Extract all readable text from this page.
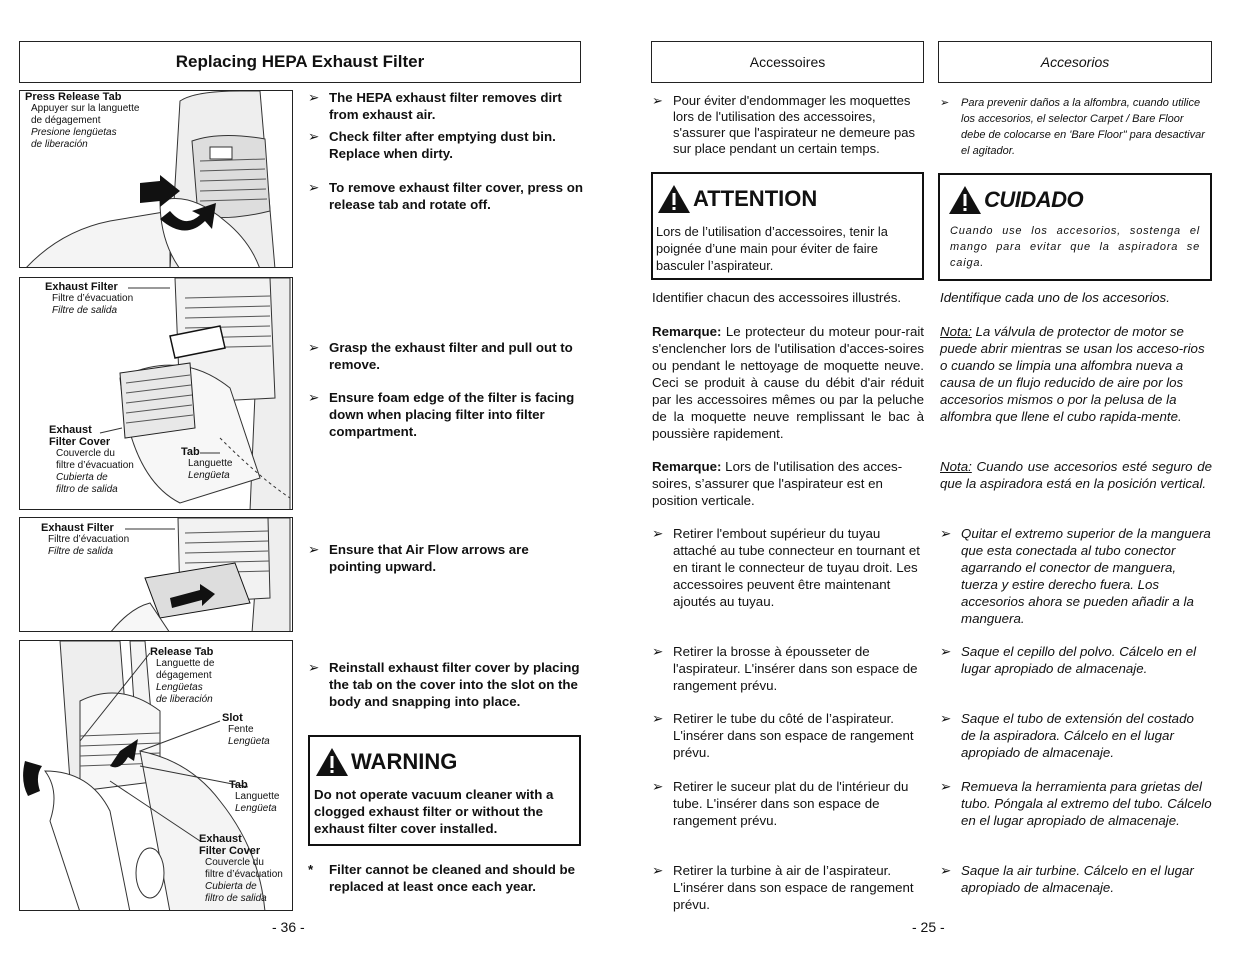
Replacing HEPA Exhaust Filter
Press Release Tab
Appuyer sur la languette
de dégagement
Presione lengüetas
de liberación
Exhaust Filter
Filtre d’évacuation
Filtre de salida
Exhaust
Filter Cover
Couvercle du
filtre d’évacuation
Cubierta de
filtro de salida
Tab
Languette
Lengüeta
Exhaust Filter
Filtre d’évacuation
Filtre de salida
Release Tab
Languette de
dégagement
Lengüetas
de liberación
Slot
Fente
Lengüeta
Tab
Languette
Lengüeta
Exhaust
Filter Cover
Couvercle du
filtre d’évacuation
Cubierta de
filtro de salida
➢ The HEPA exhaust filter removes dirt from exhaust air.
➢ Check filter after emptying dust bin. Replace when dirty.
➢ To remove exhaust filter cover, press on release tab and rotate off.
➢ Grasp the exhaust filter and pull out to remove.
➢ Ensure foam edge of the filter is facing down when placing filter into filter compartment.
➢ Ensure that Air Flow arrows are pointing upward.
➢ Reinstall exhaust filter cover by placing the tab on the cover into the slot on the body and snapping into place.
WARNING
Do not operate vacuum cleaner with a clogged exhaust filter or without the exhaust filter cover installed.
*	Filter cannot be cleaned and should be replaced at least once each year.
- 36 -
Accessoires	Accesorios
➢ Pour éviter d'endommager les moquettes lors de l'utilisation des accessoires, s'assurer que l'aspirateur ne demeure pas sur place pendant un certain temps.
➢	Para prevenir daños a la alfombra, cuando utilice los accesorios, el selector Carpet / Bare Floor debe de colocarse en 'Bare Floor" para desactivar el agitador.
ATTENTION
Lors de l’utilisation d’accessoires, tenir la poignée d’une main pour éviter de faire basculer l’aspirateur.
CUIDADO
Cuando use los accesorios, sostenga el mango para evitar que la aspiradora se caiga.
Identifier chacun des accessoires illustrés.	Identifique cada uno de los accesorios.
Remarque: Le protecteur du moteur pour-rait s'enclencher lors de l'utilisation d'acces-soires ou pendant le nettoyage de moquette neuve. Ceci se produit à cause du débit d'air réduit par les accessoires mêmes ou par la peluche de la moquette neuve remplissant le bac à poussière rapidement.
Nota: La válvula de protector de motor se puede abrir mientras se usan los acceso-rios o cuando se limpia una alfombra nueva a causa de un flujo reducido de aire por los accesorios mismos o por la pelusa de la alfombra que llene el cubo rapida-mente.
Remarque: Lors de l'utilisation des acces-soires, s’assurer que l'aspirateur est en position verticale.
Nota: Cuando use accesorios esté seguro de que la aspiradora está en la posición vertical.
➢ Retirer l'embout supérieur du tuyau attaché au tube connecteur en tournant et en tirant le connecteur de tuyau droit. Les accessoires peuvent être maintenant ajoutés au tuyau.
➢ Retirer la brosse à épousseter de l'aspirateur. L'insérer dans son espace de rangement prévu.
➢ Retirer le tube du côté de l’aspirateur. L'insérer dans son espace de rangement prévu.
➢ Retirer le suceur plat du de l'intérieur du tube. L'insérer dans son espace de rangement prévu.
➢ Retirer la turbine à air de l’aspirateur. L'insérer dans son espace de rangement prévu.
➢ Quitar el extremo superior de la manguera que esta conectada al tubo conector agarrando el conector de manguera, tuerza y estire derecho fuera. Los accesorios ahora se pueden añadir a la manguera.
➢ Saque el cepillo del polvo. Cálcelo en el lugar apropiado de almacenaje.
➢ Saque el tubo de extensión del costado de la aspiradora. Cálcelo en el lugar apropiado de almacenaje.
➢ Remueva la herramienta para grietas del tubo. Póngala al extremo del tubo. Cálcelo en el lugar apropiado de almacenaje.
➢ Saque la air turbine. Cálcelo en el lugar apropiado de almacenaje.
- 25 -
